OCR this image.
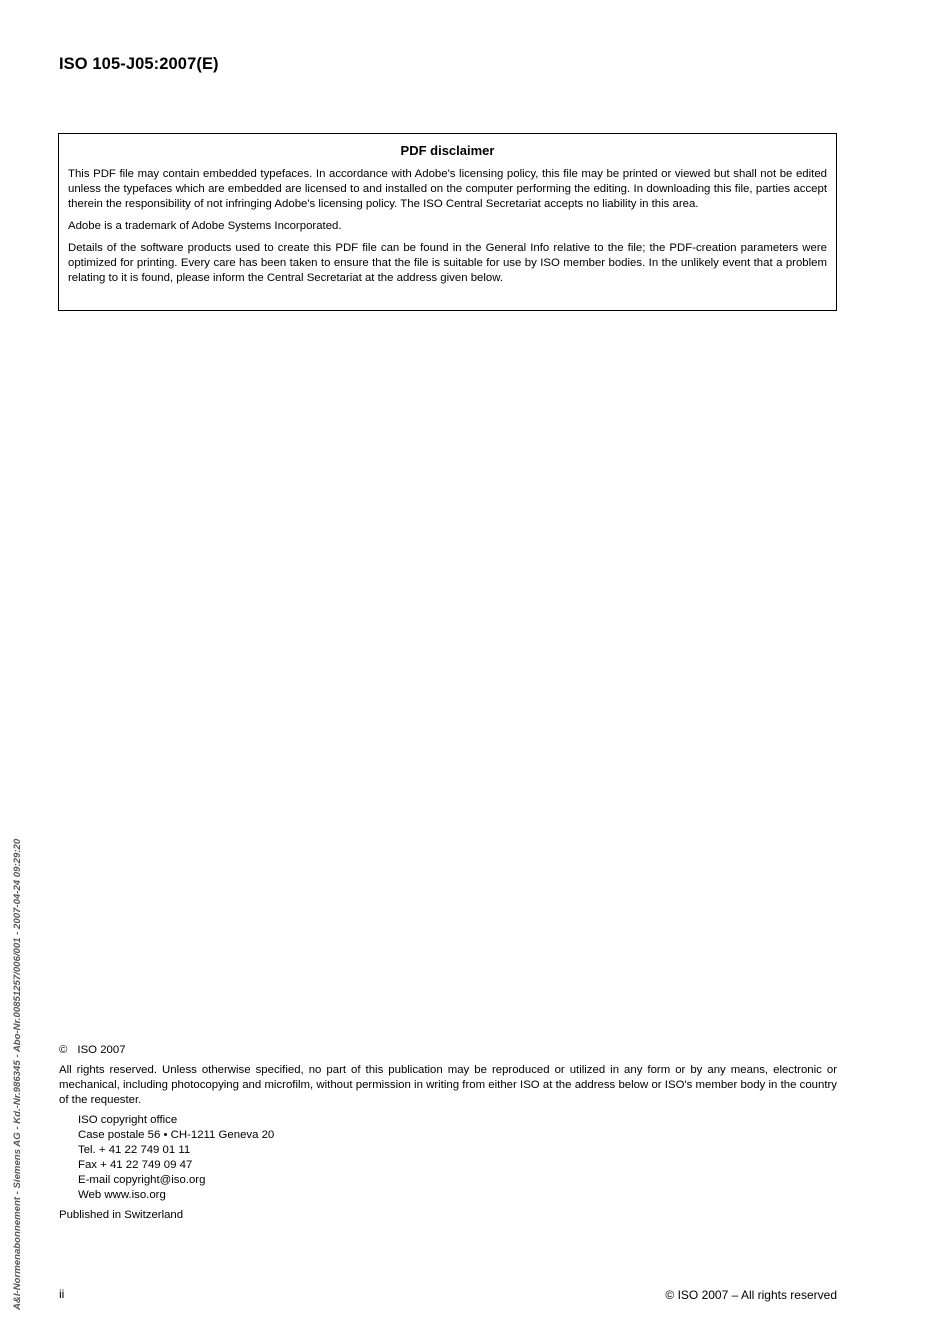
ISO 105-J05:2007(E)
PDF disclaimer

This PDF file may contain embedded typefaces. In accordance with Adobe's licensing policy, this file may be printed or viewed but shall not be edited unless the typefaces which are embedded are licensed to and installed on the computer performing the editing. In downloading this file, parties accept therein the responsibility of not infringing Adobe's licensing policy. The ISO Central Secretariat accepts no liability in this area.

Adobe is a trademark of Adobe Systems Incorporated.

Details of the software products used to create this PDF file can be found in the General Info relative to the file; the PDF-creation parameters were optimized for printing. Every care has been taken to ensure that the file is suitable for use by ISO member bodies. In the unlikely event that a problem relating to it is found, please inform the Central Secretariat at the address given below.

© ISO 2007

All rights reserved. Unless otherwise specified, no part of this publication may be reproduced or utilized in any form or by any means, electronic or mechanical, including photocopying and microfilm, without permission in writing from either ISO at the address below or ISO's member body in the country of the requester.

ISO copyright office
Case postale 56 • CH-1211 Geneva 20
Tel. + 41 22 749 01 11
Fax + 41 22 749 09 47
E-mail copyright@iso.org
Web www.iso.org

Published in Switzerland

A&I-Normenabonnement - Siemens AG - Kd.-Nr.986345 - Abo-Nr.00851257/006/001 - 2007-04-24 09:29:20	ii	© ISO 2007 – All rights reserved
